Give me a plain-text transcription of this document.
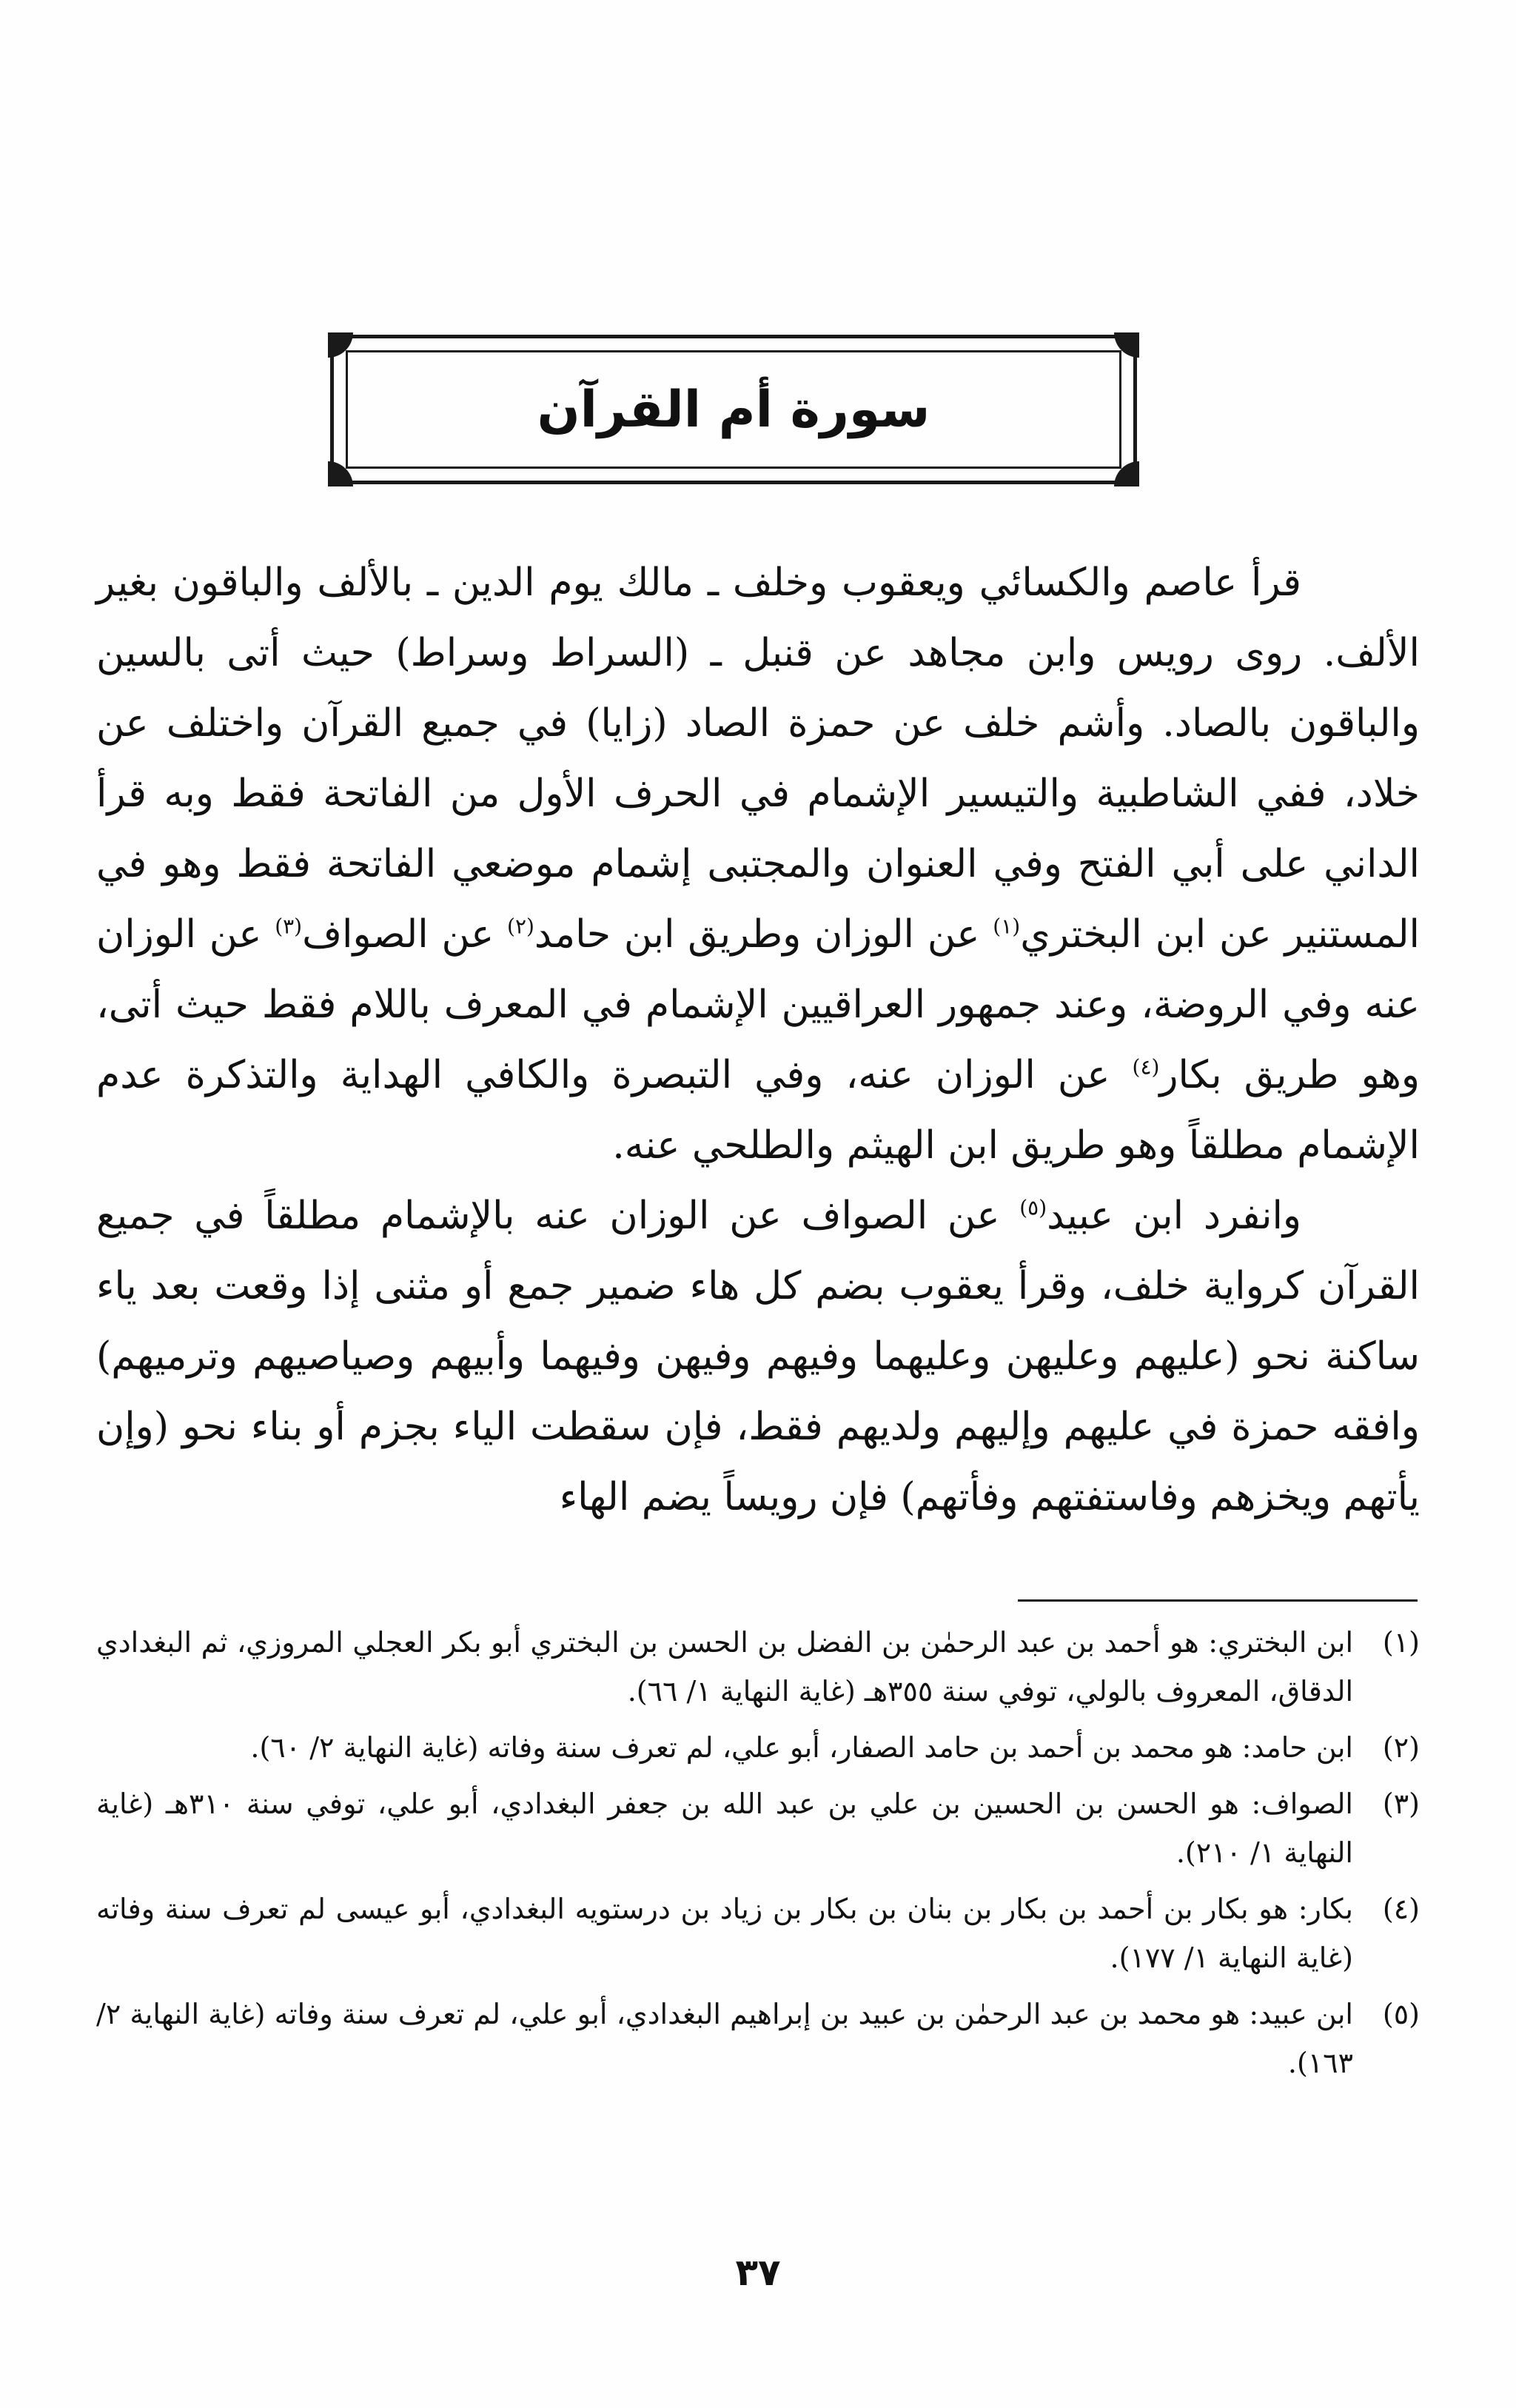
سورة أم القرآن

قرأ عاصم والكسائي ويعقوب وخلف ـ مالك يوم الدين ـ بالألف والباقون بغير الألف. روى رويس وابن مجاهد عن قنبل ـ (السراط وسراط) حيث أتى بالسين والباقون بالصاد. وأشم خلف عن حمزة الصاد (زايا) في جميع القرآن واختلف عن خلاد، ففي الشاطبية والتيسير الإشمام في الحرف الأول من الفاتحة فقط وبه قرأ الداني على أبي الفتح وفي العنوان والمجتبى إشمام موضعي الفاتحة فقط وهو في المستنير عن ابن البختري$^{(١)}$ عن الوزان وطريق ابن حامد$^{(٢)}$ عن الصواف$^{(٣)}$ عن الوزان عنه وفي الروضة، وعند جمهور العراقيين الإشمام في المعرف باللام فقط حيث أتى، وهو طريق بكار$^{(٤)}$ عن الوزان عنه، وفي التبصرة والكافي الهداية والتذكرة عدم الإشمام مطلقاً وهو طريق ابن الهيثم والطلحي عنه.

وانفرد ابن عبيد$^{(٥)}$ عن الصواف عن الوزان عنه بالإشمام مطلقاً في جميع القرآن كرواية خلف، وقرأ يعقوب بضم كل هاء ضمير جمع أو مثنى إذا وقعت بعد ياء ساكنة نحو (عليهم وعليهن وعليهما وفيهم وفيهن وفيهما وأبيهم وصياصيهم وترميهم) وافقه حمزة في عليهم وإليهم ولديهم فقط، فإن سقطت الياء بجزم أو بناء نحو (وإن يأتهم ويخزهم وفاستفتهم وفأتهم) فإن رويساً يضم الهاء

(١)
ابن البختري: هو أحمد بن عبد الرحمٰن بن الفضل بن الحسن بن البختري أبو بكر العجلي المروزي، ثم البغدادي الدقاق، المعروف بالولي، توفي سنة ٣٥٥هـ (غاية النهاية ١/ ٦٦).
(٢)
ابن حامد: هو محمد بن أحمد بن حامد الصفار، أبو علي، لم تعرف سنة وفاته (غاية النهاية ٢/ ٦٠).
(٣)
الصواف: هو الحسن بن الحسين بن علي بن عبد الله بن جعفر البغدادي، أبو علي، توفي سنة ٣١٠هـ (غاية النهاية ١/ ٢١٠).
(٤)
بكار: هو بكار بن أحمد بن بكار بن بنان بن بكار بن زياد بن درستويه البغدادي، أبو عيسى لم تعرف سنة وفاته (غاية النهاية ١/ ١٧٧).
(٥)
ابن عبيد: هو محمد بن عبد الرحمٰن بن عبيد بن إبراهيم البغدادي، أبو علي، لم تعرف سنة وفاته (غاية النهاية ٢/ ١٦٣).
٣٧
